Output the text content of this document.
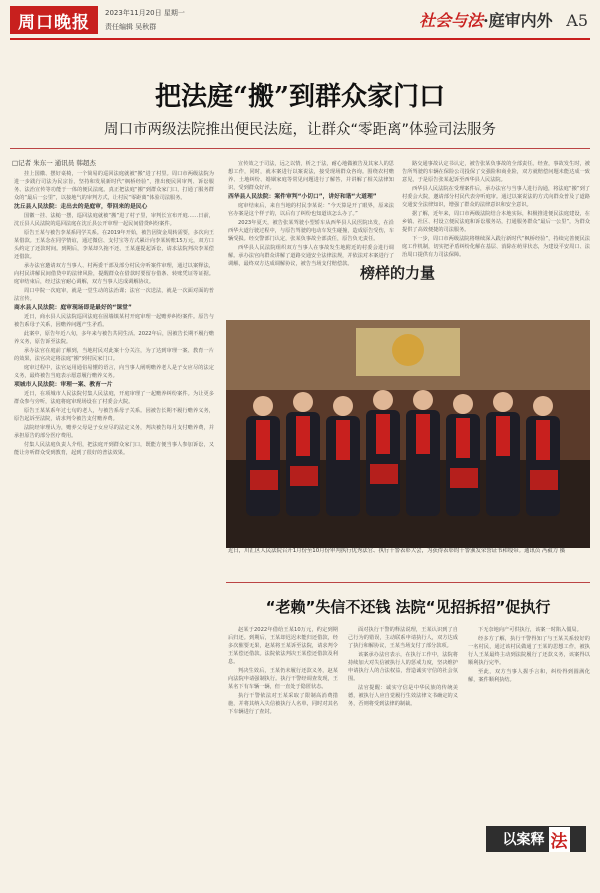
周口晚报	2023年11月20日 星期一
责任编辑 吴秋群	社会与法·庭审内外 A5
把法庭“搬”到群众家门口
周口市两级法院推出便民法庭，让群众“零距离”体验司法服务
□记者 朱东一 通讯员 韩超杰

挂上国徽、摆好桌椅，一个简易的巡回法庭就被“搬”进了村里。周口市两级法院为进一步践行司法为民宗旨，坚持和发展新时代“枫桥经验”，推出便民回审判、诉讼服务、法治宣传等功能于一体的便民法庭。真正把法庭“搬”到群众家门口，打通了服务群众的“最后一公里”，以接地气的审判方式，让村民“零距离”体验司法服务。

沈丘县人民法院：走出去的是庭审，带回来的是民心

国徽一挂、法槌一摆，巡回法庭就被“搬”进了村子里，审判长宣布开庭……日前，沈丘县人民法院的巡回法庭在沈丘县公开审理一起民间借贷纠纷案件。

原告王某与被告李某系同学关系。在2019年开始，被告因资金周转需要，多次向王某借款。王某念在同学情谊，通过微信、支付宝等方式累计向李某转账15万元，双方口头约定了还款时间。到期后，李某却久拖不还，王某遂提起诉讼，请求法院判决李某偿还借款。

承办法官邀请双方当事人、村两委干部及部分村民旁听案件审理，通过以案释法，向村民讲解民间借贷中的法律风险，提醒群众在借款时要留存借条、转账凭证等证据。庭审结束后，经过法官耐心调解，双方当事人达成调解协议。

周口中院一次庭审，就是一堂生动的法治课；法官一次送法，就是一次面对面的普法宣传。

商水县人民法院：庭审现场即是最好的“课堂”

近日，商水县人民法院巡回法庭在固墙镇某村开庭审理一起赡养纠纷案件。原告与被告系母子关系，因赡养问题产生矛盾。

此案中，原告年近八旬，多年来与被告共同生活。2022年后，因被告长期不履行赡养义务，原告诉至法院。

承办法官在庭前了解到，当地村民对此案十分关注，为了达到审理一案、教育一片的效果，法官决定将法庭“搬”到村民家门口。

庭审过程中，法官运用通俗易懂的语言，向当事人阐明赡养老人是子女应尽的法定义务，最终被告当庭表示愿意履行赡养义务。

项城市人民法院：审理一案、教育一片

近日，在项城市人民法院付集人民法庭，开庭审理了一起赡养纠纷案件。为让更多群众参与旁听，法庭将庭审现场设在了村委会大院。

原告王某某系年过七旬的老人，与被告系母子关系。因被告长期不履行赡养义务，原告起诉至法院，请求判令被告支付赡养费。

法院经审理认为，赡养父母是子女应尽的法定义务，判决被告每月支付赡养费，并承担原告的部分医疗费用。

付集人民法庭负责人介绍，把法庭开到群众家门口，既能方便当事人参加诉讼，又能让旁听群众受到教育，起到了很好的普法效果。

宣传效之于司法，远之以情，析之于法，耐心地做被告及其家人的思想工作，同时，就本案进行以案说法，接受现场群众咨询。围绕农村赡养、土地纠纷、婚姻家庭等常见问题进行了解答，并讲解了相关法律知识，受到群众好评。

西华县人民法院：案件审判“小切口”，讲好和谐“大道理”

庭审结束后，来自当地的村民李某说：“今天算是开了眼界，原来法官办案是这个样子的，以后有了纠纷也知道该怎么办了。”

2023年夏天，被告张某驾驶小型轿车从西华县人民医院出发，在沿西华大道行驶过程中，与原告驾驶的电动车发生碰撞，造成原告受伤，车辆受损。经交警部门认定，张某负事故全部责任，原告负无责任。

西华县人民法院组织双方当事人在事故发生地附近的村委会进行调解。承办法官向群众讲解了道路交通安全法律法规，并依法对本案进行了调解，最终双方达成调解协议，被告当场支付赔偿款。

路交通事故认定书认定，被告张某负事故的全部责任。经查，事故发生时，被告所驾驶的车辆在保险公司投保了交强险和商业险，双方就赔偿问题未能达成一致意见，于是原告张某起诉至西华县人民法院。

西华县人民法院在受理案件后，承办法官与当事人进行沟通，将法庭“搬”到了村委会大院，邀请部分村民代表旁听庭审。通过以案说法的方式向群众普及了道路交通安全法律知识，增强了群众的法律意识和安全意识。

据了解，近年来，周口市两级法院结合本地实际，积极推进便民法庭建设，在乡镇、社区、村设立便民法庭和诉讼服务站，打通服务群众“最后一公里”，为群众提供了高效便捷的司法服务。

下一步，周口市两级法院将继续深入践行新时代“枫桥经验”，持续完善便民法庭工作机制，切实把矛盾纠纷化解在基层、消除在萌芽状态，为建设平安周口、法治周口提供有力司法保障。

榜样的力量
近日，川汇区人民法院召开1月份至10月份审判执行优秀法官、执行干警表彰大会，为获得表彰的干警颁发荣誉证书和绶带。通讯员 冯毅力 摄
“老赖”失信不还钱 法院“见招拆招”促执行

赵某于2022年借给王某10万元，约定到期后归还。到期后，王某却迟迟未能归还借款，经多次催要无果，赵某将王某诉至法院，请求判令王某偿还借款。法院依法判决王某偿还借款及利息。

判决生效后，王某仍未履行还款义务，赵某向法院申请强制执行。执行干警经调查发现，王某名下有车辆一辆，但一直处于隐匿状态。

执行干警依法对王某采取了限制高消费措施，并将其纳入失信被执行人名单，同时对其名下车辆进行了查封。

面对执行干警的释法说理，王某认识到了自己行为的错误，主动联系申请执行人，双方达成了执行和解协议，王某当场支付了部分款项。

该案承办法官表示，在执行工作中，法院将持续加大对失信被执行人的惩戒力度，坚决维护申请执行人的合法权益，营造诚实守信的社会氛围。

法官提醒：诚实守信是中华民族的传统美德，被执行人应自觉履行生效法律文书确定的义务，否则将受到法律的制裁。

下无奈地向产可供执行，该案一时陷入僵局。

经多方了解，执行干警得知了与王某关系较好的一名村民，通过该村民做通了王某的思想工作，被执行人王某最终主动到法院履行了还款义务，该案得以顺利执行完毕。

至此，双方当事人握手言和，纠纷得到圆满化解，案件顺利执结。

以案释 法
